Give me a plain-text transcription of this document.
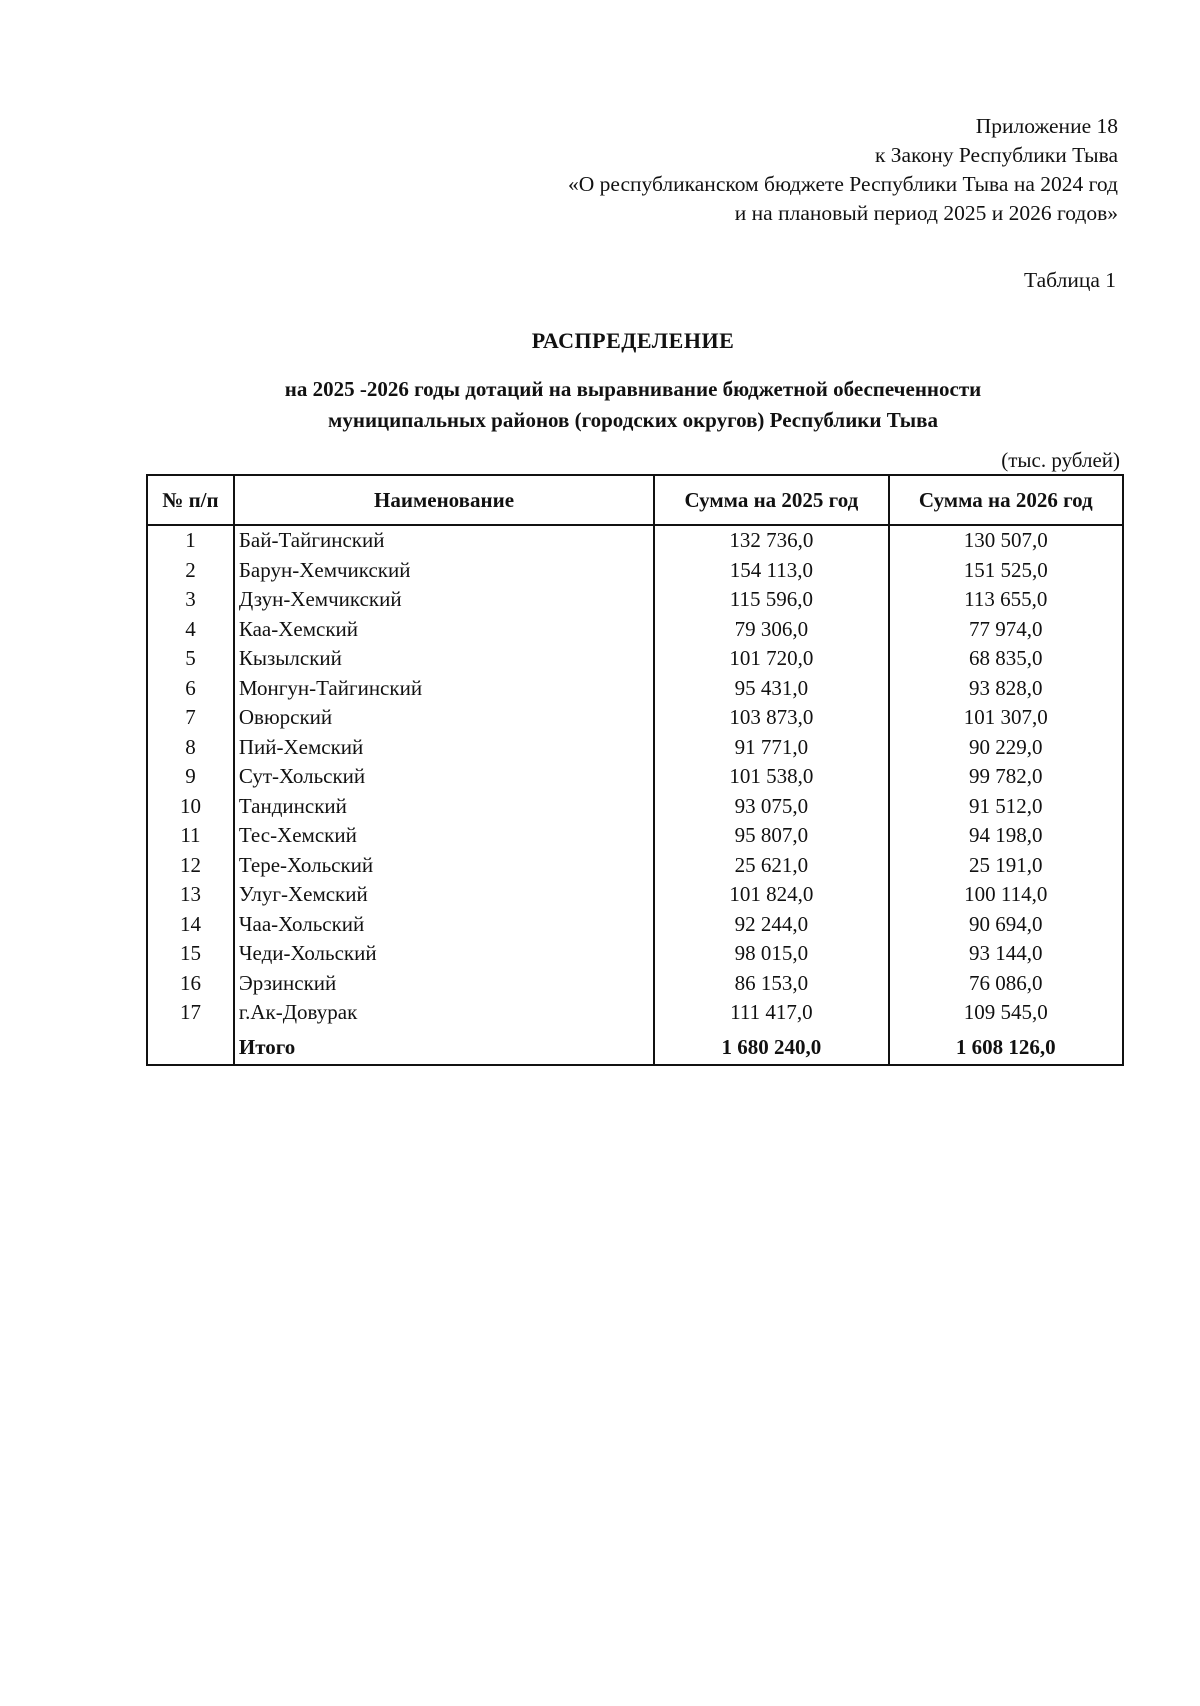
Приложение 18
к Закону Республики Тыва
«О республиканском бюджете Республики Тыва на 2024 год
и на плановый период 2025 и 2026 годов»
Таблица 1
РАСПРЕДЕЛЕНИЕ
на 2025 -2026 годы дотаций на выравнивание бюджетной обеспеченности
муниципальных районов (городских округов) Республики Тыва
(тыс. рублей)
№ п/п	Наименование	Сумма на 2025 год	Сумма на 2026 год
1	Бай-Тайгинский	132 736,0	130 507,0
2	Барун-Хемчикский	154 113,0	151 525,0
3	Дзун-Хемчикский	115 596,0	113 655,0
4	Каа-Хемский	79 306,0	77 974,0
5	Кызылский	101 720,0	68 835,0
6	Монгун-Тайгинский	95 431,0	93 828,0
7	Овюрский	103 873,0	101 307,0
8	Пий-Хемский	91 771,0	90 229,0
9	Сут-Хольский	101 538,0	99 782,0
10	Тандинский	93 075,0	91 512,0
11	Тес-Хемский	95 807,0	94 198,0
12	Тере-Хольский	25 621,0	25 191,0
13	Улуг-Хемский	101 824,0	100 114,0
14	Чаа-Хольский	92 244,0	90 694,0
15	Чеди-Хольский	98 015,0	93 144,0
16	Эрзинский	86 153,0	76 086,0
17	г.Ак-Довурак	111 417,0	109 545,0
	Итого	1 680 240,0	1 608 126,0
